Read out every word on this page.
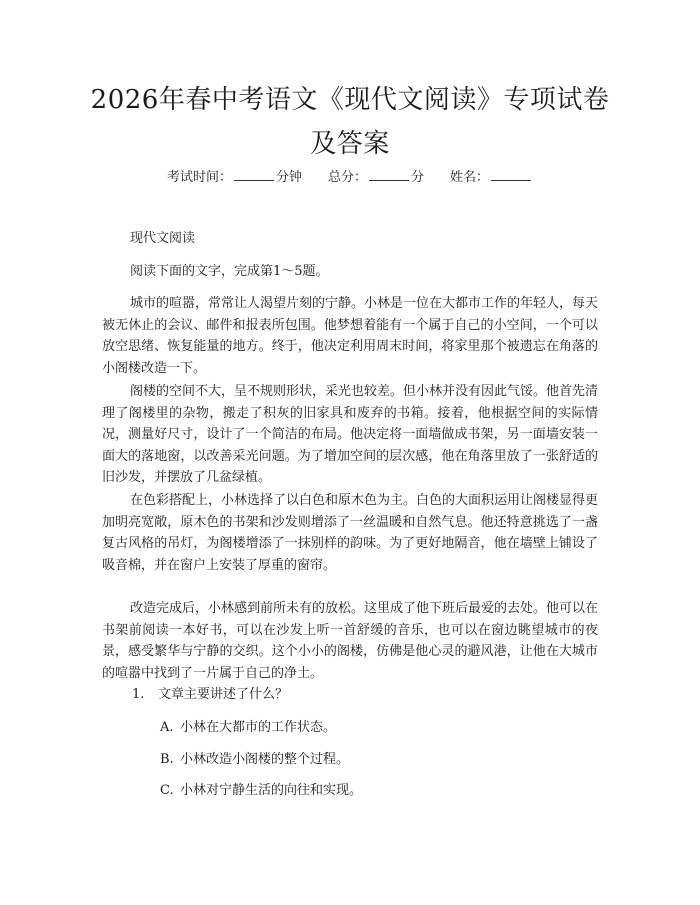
2026年春中考语文《现代文阅读》专项试卷及答案
考试时间：	分钟 总分：	分 姓名：
现代文阅读
阅读下面的文字，完成第1～5题。
城市的喧嚣，常常让人渴望片刻的宁静。小林是一位在大都市工作的年轻人，每天被无休止的会议、邮件和报表所包围。他梦想着能有一个属于自己的小空间，一个可以放空思绪、恢复能量的地方。终于，他决定利用周末时间，将家里那个被遗忘在角落的小阁楼改造一下。
阁楼的空间不大，呈不规则形状，采光也较差。但小林并没有因此气馁。他首先清理了阁楼里的杂物，搬走了积灰的旧家具和废弃的书箱。接着，他根据空间的实际情况，测量好尺寸，设计了一个简洁的布局。他决定将一面墙做成书架，另一面墙安装一面大的落地窗，以改善采光问题。为了增加空间的层次感，他在角落里放了一张舒适的旧沙发，并摆放了几盆绿植。
在色彩搭配上，小林选择了以白色和原木色为主。白色的大面积运用让阁楼显得更加明亮宽敞，原木色的书架和沙发则增添了一丝温暖和自然气息。他还特意挑选了一盏复古风格的吊灯，为阁楼增添了一抹别样的韵味。为了更好地隔音，他在墙壁上铺设了吸音棉，并在窗户上安装了厚重的窗帘。
改造完成后，小林感到前所未有的放松。这里成了他下班后最爱的去处。他可以在书架前阅读一本好书，可以在沙发上听一首舒缓的音乐，也可以在窗边眺望城市的夜景，感受繁华与宁静的交织。这个小小的阁楼，仿佛是他心灵的避风港，让他在大城市的喧嚣中找到了一片属于自己的净土。
1. 文章主要讲述了什么？
A. 小林在大都市的工作状态。
B. 小林改造小阁楼的整个过程。
C. 小林对宁静生活的向往和实现。
